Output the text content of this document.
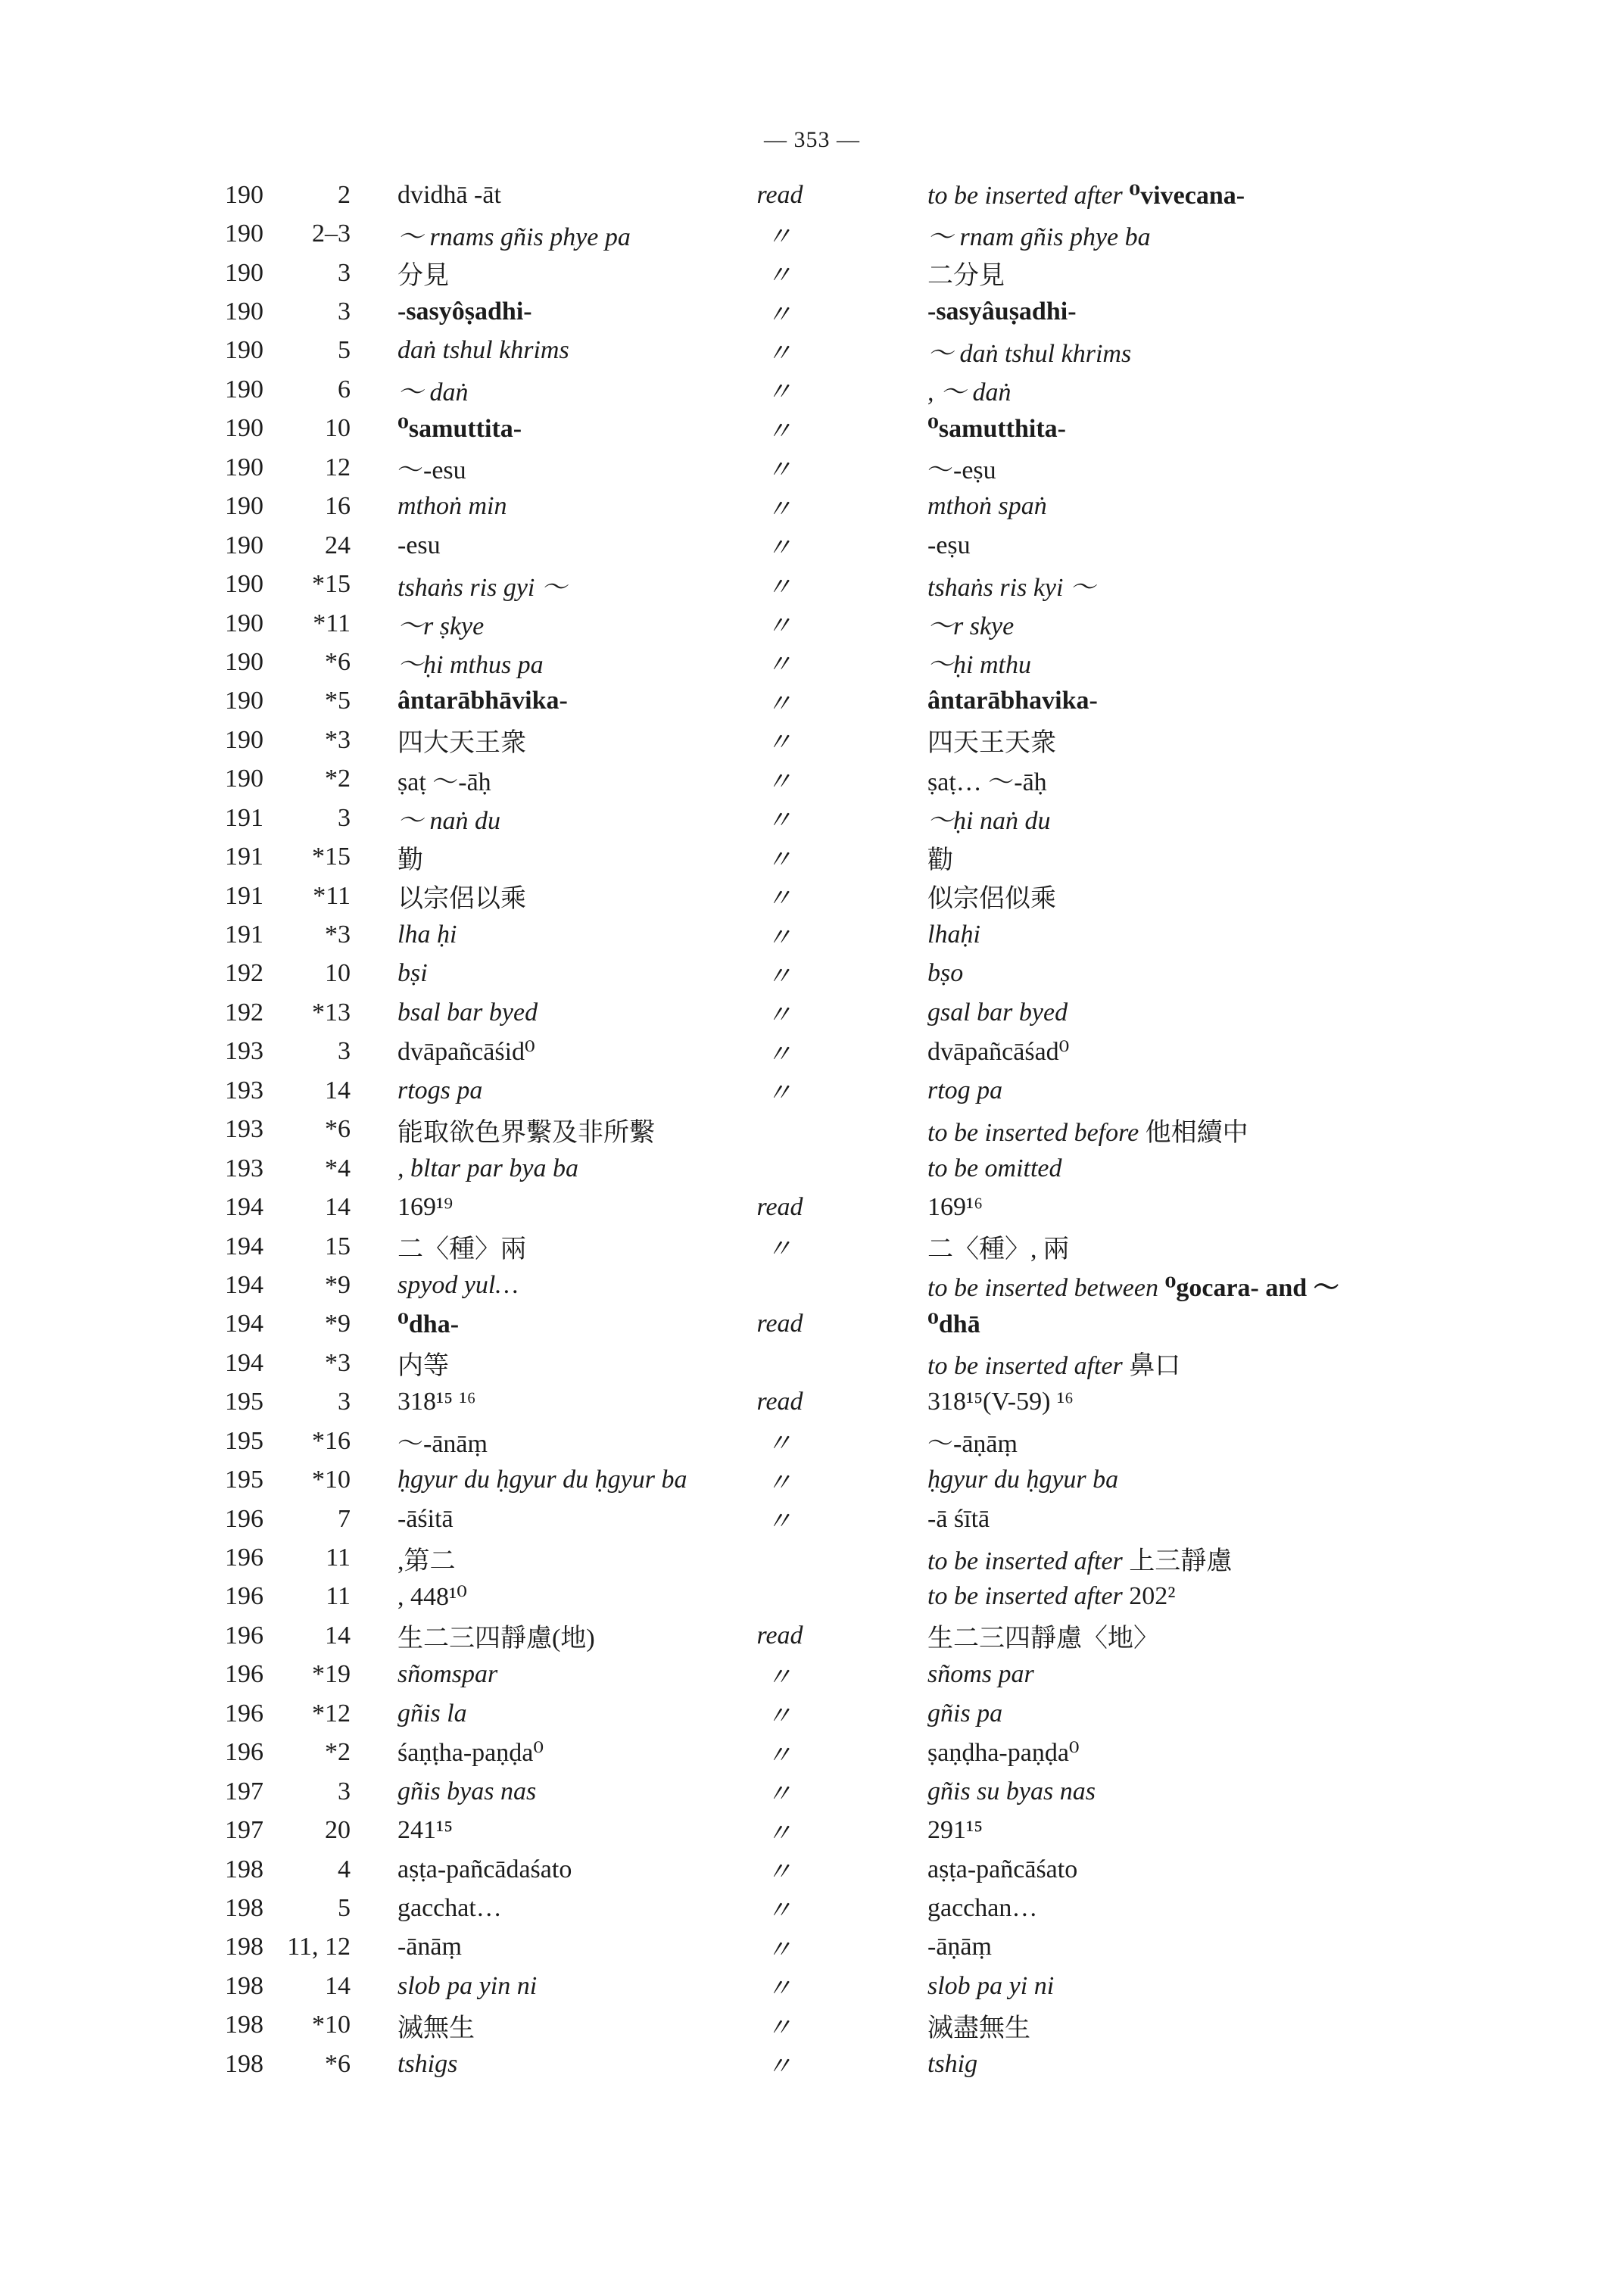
— 353 —
190	2		dvidhā -āt	read		to be inserted after ⁰vivecana-
190	2–3		～ rnams gñis phye pa	〃		～ rnam gñis phye ba
190	3		分見	〃		二分見
190	3		-sasyôṣadhi-	〃		-sasyâuṣadhi-
190	5		daṅ tshul khrims	〃		～ daṅ tshul khrims
190	6		～ daṅ	〃		, ～ daṅ
190	10		⁰samuttita-	〃		⁰samutthita-
190	12		～-esu	〃		～-eṣu
190	16		mthoṅ min	〃		mthoṅ spaṅ
190	24		-esu	〃		-eṣu
190	*15		tshaṅs ris gyi ～	〃		tshaṅs ris kyi ～
190	*11		～r ṣkye	〃		～r skye
190	*6		～ḥi mthus pa	〃		～ḥi mthu
190	*5		ântarābhāvika-	〃		ântarābhavika-
190	*3		四大天王衆	〃		四天王天衆
190	*2		ṣaṭ ～-āḥ	〃		ṣaṭ… ～-āḥ
191	3		～ naṅ du	〃		～ḥi naṅ du
191	*15		勤	〃		勸
191	*11		以宗侶以乘	〃		似宗侶似乘
191	*3		lha ḥi	〃		lhaḥi
192	10		bṣi	〃		bṣo
192	*13		bsal bar byed	〃		gsal bar byed
193	3		dvāpañcāśid⁰	〃		dvāpañcāśad⁰
193	14		rtogs pa	〃		rtog pa
193	*6		能取欲色界繫及非所繫			to be inserted before 他相續中
193	*4		, bltar par bya ba			to be omitted
194	14		169¹⁹	read		169¹⁶
194	15		二〈種〉兩	〃		二〈種〉, 兩
194	*9		spyod yul…			to be inserted between ⁰gocara- and ～
194	*9		⁰dha-	read		⁰dhā
194	*3		内等			to be inserted after 鼻口
195	3		318¹⁵ ¹⁶	read		318¹⁵(V-59) ¹⁶
195	*16		～-ānāṃ	〃		～-āṇāṃ
195	*10		ḥgyur du ḥgyur du ḥgyur ba	〃		ḥgyur du ḥgyur ba
196	7		-āśitā	〃		-ā śītā
196	11		,第二			to be inserted after 上三靜慮
196	11		, 448¹⁰			to be inserted after 202²
196	14		生二三四靜慮(地)	read		生二三四靜慮〈地〉
196	*19		sñomspar	〃		sñoms par
196	*12		gñis la	〃		gñis pa
196	*2		śaṇṭha-paṇḍa⁰	〃		ṣaṇḍha-paṇḍa⁰
197	3		gñis byas nas	〃		gñis su byas nas
197	20		241¹⁵	〃		291¹⁵
198	4		aṣṭa-pañcādaśato	〃		aṣṭa-pañcāśato
198	5		gacchat…	〃		gacchan…
198	11, 12		-ānāṃ	〃		-āṇāṃ
198	14		slob pa yin ni	〃		slob pa yi ni
198	*10		滅無生	〃		滅盡無生
198	*6		tshigs	〃		tshig
